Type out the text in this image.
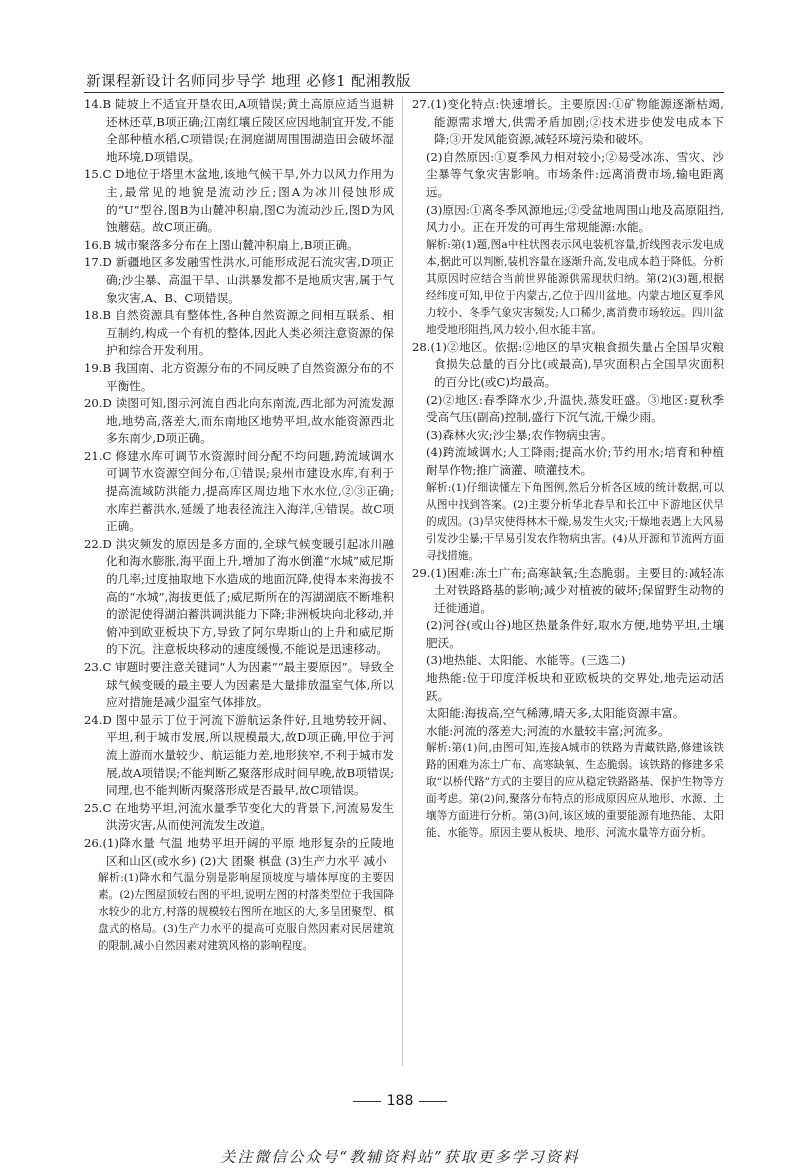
新课程新设计名师同步导学 地理 必修1 配湘教版

14.B 陡坡上不适宜开垦农田,A项错误;黄土高原应适当退耕还林还草,B项正确;江南红壤丘陵区应因地制宜开发,不能全部种植水稻,C项错误;在洞庭湖周围围湖造田会破坏湿地环境,D项错误。

15.C D地位于塔里木盆地,该地气候干旱,外力以风力作用为主,最常见的地貌是流动沙丘;图A为冰川侵蚀形成的“U”型谷,图B为山麓冲积扇,图C为流动沙丘,图D为风蚀蘑菇。故C项正确。

16.B 城市聚落多分布在上图山麓冲积扇上,B项正确。

17.D 新疆地区多发融雪性洪水,可能形成泥石流灾害,D项正确;沙尘暴、高温干旱、山洪暴发都不是地质灾害,属于气象灾害,A、B、C项错误。

18.B 自然资源具有整体性,各种自然资源之间相互联系、相互制约,构成一个有机的整体,因此人类必须注意资源的保护和综合开发利用。

19.B 我国南、北方资源分布的不同反映了自然资源分布的不平衡性。

20.D 读图可知,图示河流自西北向东南流,西北部为河流发源地,地势高,落差大,而东南地区地势平坦,故水能资源西北多东南少,D项正确。

21.C 修建水库可调节水资源时间分配不均问题,跨流域调水可调节水资源空间分布,①错误;泉州市建设水库,有利于提高流域防洪能力,提高库区周边地下水水位,②③正确;水库拦蓄洪水,延缓了地表径流注入海洋,④错误。故C项正确。

22.D 洪灾频发的原因是多方面的,全球气候变暖引起冰川融化和海水膨胀,海平面上升,增加了海水倒灌“水城”威尼斯的几率;过度抽取地下水造成的地面沉降,使得本来海拔不高的“水城”,海拔更低了;威尼斯所在的泻湖湖底不断堆积的淤泥使得湖泊蓄洪调洪能力下降;非洲板块向北移动,并俯冲到欧亚板块下方,导致了阿尔卑斯山的上升和威尼斯的下沉。注意板块移动的速度缓慢,不能说是迅速移动。

23.C 审题时要注意关键词“人为因素”“最主要原因”。导致全球气候变暖的最主要人为因素是大量排放温室气体,所以应对措施是减少温室气体排放。

24.D 图中显示丁位于河流下游航运条件好,且地势较开阔、平坦,利于城市发展,所以规模最大,故D项正确,甲位于河流上游而水量较少、航运能力差,地形狭窄,不利于城市发展,故A项错误;不能判断乙聚落形成时间早晚,故B项错误;同理,也不能判断丙聚落形成是否最早,故C项错误。

25.C 在地势平坦,河流水量季节变化大的背景下,河流易发生洪涝灾害,从而使河流发生改道。

26.(1)降水量 气温 地势平坦开阔的平原 地形复杂的丘陵地区和山区(或水乡) (2)大 团聚 棋盘 (3)生产力水平 减小

解析:(1)降水和气温分别是影响屋顶坡度与墙体厚度的主要因素。(2)左图屋顶较右图的平坦,说明左图的村落类型位于我国降水较少的北方,村落的规模较右图所在地区的大,多呈团聚型、棋盘式的格局。(3)生产力水平的提高可克服自然因素对民居建筑的限制,减小自然因素对建筑风格的影响程度。

27.(1)变化特点:快速增长。主要原因:①矿物能源逐渐枯竭,能源需求增大,供需矛盾加剧;②技术进步使发电成本下降;③开发风能资源,减轻环境污染和破坏。

(2)自然原因:①夏季风力相对较小;②易受冰冻、雪灾、沙尘暴等气象灾害影响。市场条件:远离消费市场,输电距离远。

(3)原因:①离冬季风源地远;②受盆地周围山地及高原阻挡,风力小。正在开发的可再生常规能源:水能。

解析:第(1)题,图a中柱状图表示风电装机容量,折线图表示发电成本,据此可以判断,装机容量在逐渐升高,发电成本趋于降低。分析其原因时应结合当前世界能源供需现状归纳。第(2)(3)题,根据经纬度可知,甲位于内蒙古,乙位于四川盆地。内蒙古地区夏季风力较小、冬季气象灾害频发;人口稀少,离消费市场较远。四川盆地受地形阻挡,风力较小,但水能丰富。

28.(1)②地区。依据:②地区的旱灾粮食损失量占全国旱灾粮食损失总量的百分比(或最高),旱灾面积占全国旱灾面积的百分比(或C)均最高。

(2)②地区:春季降水少,升温快,蒸发旺盛。③地区:夏秋季受高气压(副高)控制,盛行下沉气流,干燥少雨。

(3)森林火灾;沙尘暴;农作物病虫害。

(4)跨流域调水;人工降雨;提高水价;节约用水;培育和种植耐旱作物;推广滴灌、喷灌技术。

解析:(1)仔细读懂左下角图例,然后分析各区域的统计数据,可以从图中找到答案。(2)主要分析华北春旱和长江中下游地区伏旱的成因。(3)旱灾使得林木干燥,易发生火灾;干燥地表遇上大风易引发沙尘暴;干旱易引发农作物病虫害。(4)从开源和节流两方面寻找措施。

29.(1)困难:冻土广布;高寒缺氧;生态脆弱。主要目的:减轻冻土对铁路路基的影响;减少对植被的破坏;保留野生动物的迁徙通道。

(2)河谷(或山谷)地区热量条件好,取水方便,地势平坦,土壤肥沃。

(3)地热能、太阳能、水能等。(三选二)

地热能:位于印度洋板块和亚欧板块的交界处,地壳运动活跃。

太阳能:海拔高,空气稀薄,晴天多,太阳能资源丰富。

水能:河流的落差大;河流的水量较丰富;河流多。

解析:第(1)问,由图可知,连接A城市的铁路为青藏铁路,修建该铁路的困难为冻土广布、高寒缺氧、生态脆弱。该铁路的修建多采取“以桥代路”方式的主要目的应从稳定铁路路基、保护生物等方面考虑。第(2)问,聚落分布特点的形成原因应从地形、水源、土壤等方面进行分析。第(3)问,该区域的重要能源有地热能、太阳能、水能等。原因主要从板块、地形、河流水量等方面分析。

188
关注微信公众号“教辅资料站”获取更多学习资料
